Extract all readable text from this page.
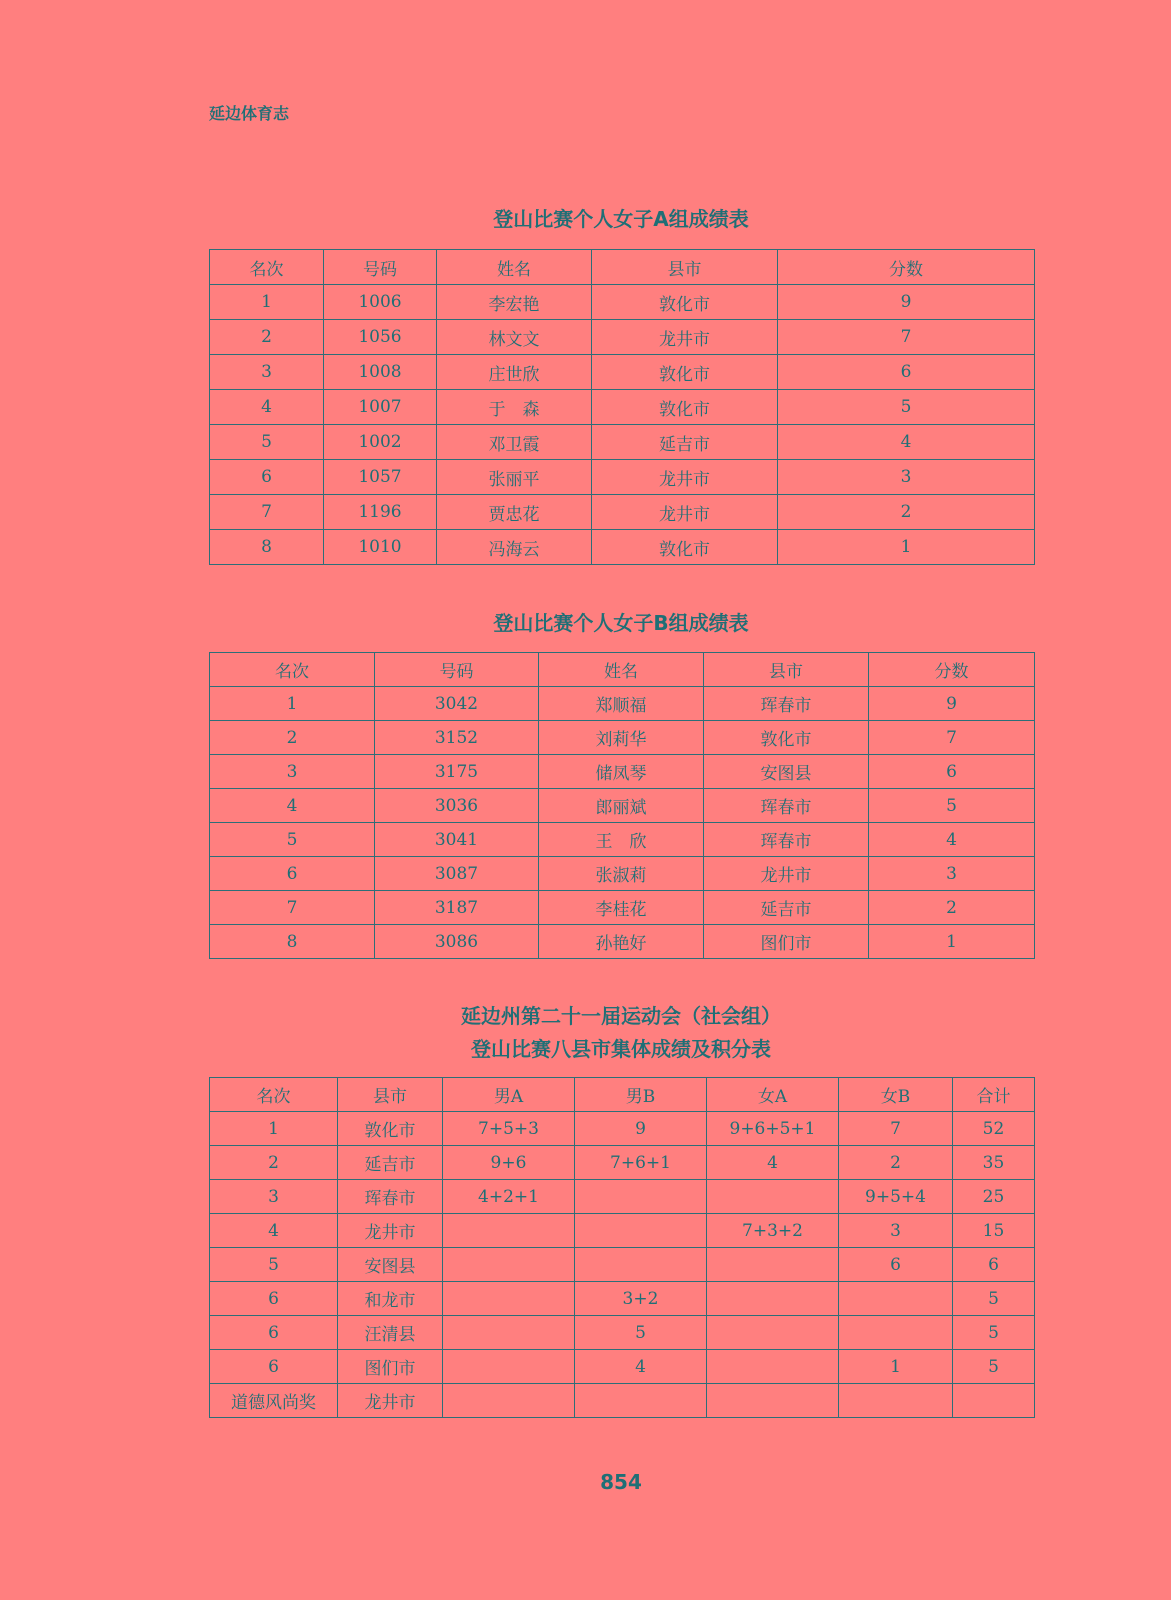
延边体育志
登山比赛个人女子A组成绩表
名次	号码	姓名	县市	分数
1	1006	李宏艳	敦化市	9
2	1056	林文文	龙井市	7
3	1008	庄世欣	敦化市	6
4	1007	于　森	敦化市	5
5	1002	邓卫霞	延吉市	4
6	1057	张丽平	龙井市	3
7	1196	贾忠花	龙井市	2
8	1010	冯海云	敦化市	1
登山比赛个人女子B组成绩表
名次	号码	姓名	县市	分数
1	3042	郑顺福	珲春市	9
2	3152	刘莉华	敦化市	7
3	3175	储凤琴	安图县	6
4	3036	郎丽斌	珲春市	5
5	3041	王　欣	珲春市	4
6	3087	张淑莉	龙井市	3
7	3187	李桂花	延吉市	2
8	3086	孙艳好	图们市	1
延边州第二十一届运动会（社会组）
登山比赛八县市集体成绩及积分表
名次	县市	男A	男B	女A	女B	合计
1	敦化市	7+5+3	9	9+6+5+1	7	52
2	延吉市	9+6	7+6+1	4	2	35
3	珲春市	4+2+1			9+5+4	25
4	龙井市			7+3+2	3	15
5	安图县				6	6
6	和龙市		3+2			5
6	汪清县		5			5
6	图们市		4		1	5
道德风尚奖	龙井市					
854
